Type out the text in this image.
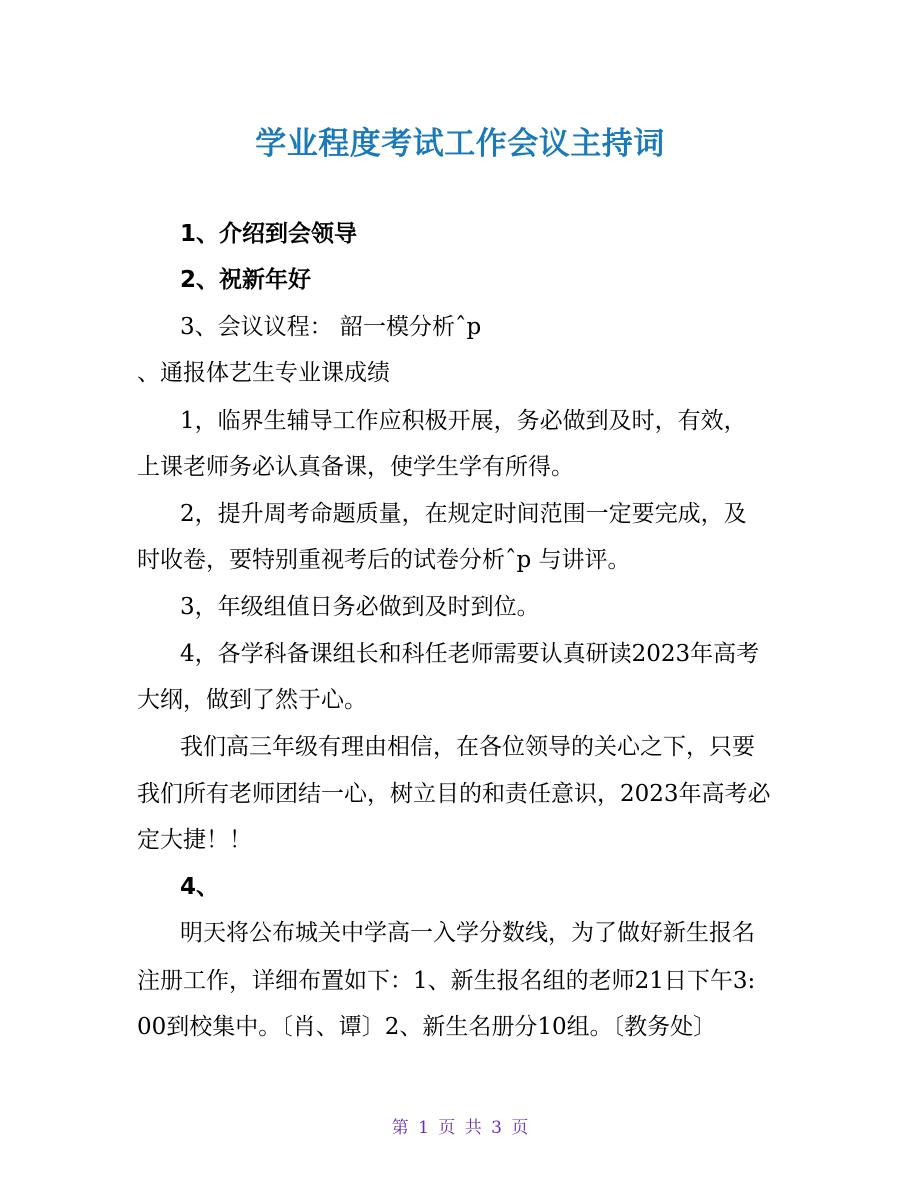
学业程度考试工作会议主持词
1、介绍到会领导
2、祝新年好
3、会议议程： 韶一模分析ˆp
、通报体艺生专业课成绩
1，临界生辅导工作应积极开展，务必做到及时，有效，
上课老师务必认真备课，使学生学有所得。
2，提升周考命题质量，在规定时间范围一定要完成，及
时收卷，要特别重视考后的试卷分析ˆp 与讲评。
3，年级组值日务必做到及时到位。
4，各学科备课组长和科任老师需要认真研读2023年高考
大纲，做到了然于心。
我们高三年级有理由相信，在各位领导的关心之下，只要
我们所有老师团结一心，树立目的和责任意识，2023年高考必
定大捷！！
4、
明天将公布城关中学高一入学分数线，为了做好新生报名
注册工作，详细布置如下：1、新生报名组的老师21日下午3:
00到校集中。〔肖、谭〕2、新生名册分10组。〔教务处〕
第 1 页 共 3 页
